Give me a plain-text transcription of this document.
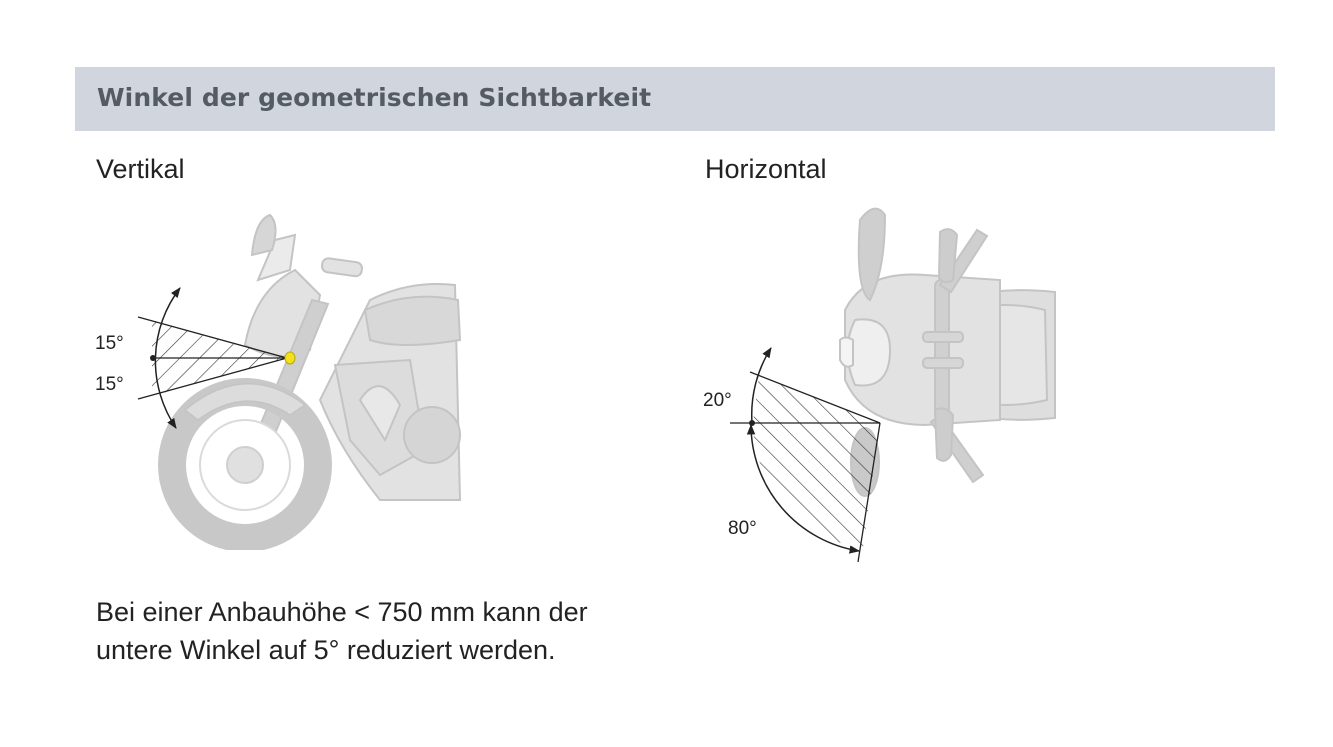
Winkel der geometrischen Sichtbarkeit
Vertikal	Horizontal
15°
15°
20°
80°
Bei einer Anbauhöhe < 750 mm kann der
untere Winkel auf 5° reduziert werden.
